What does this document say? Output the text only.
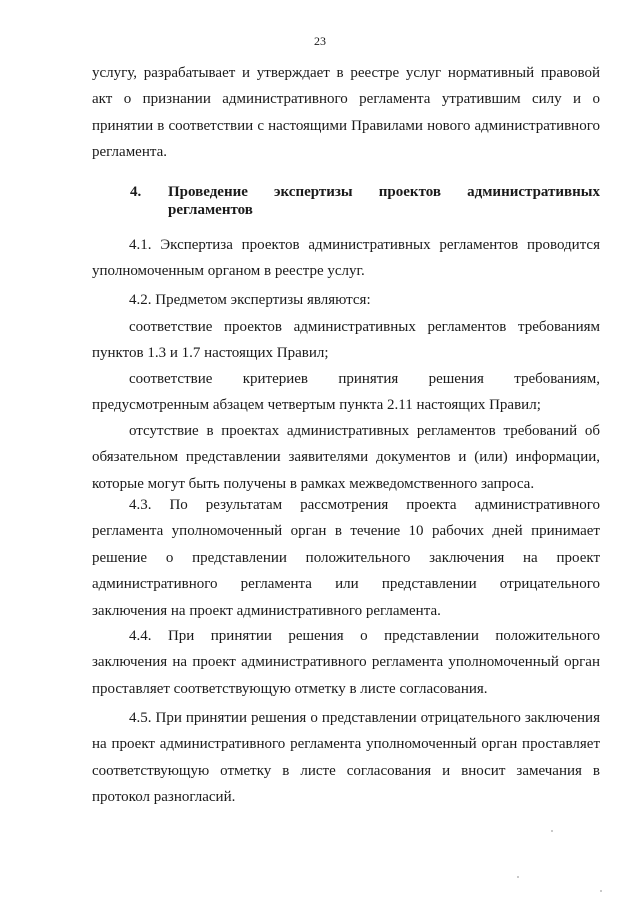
23
услугу, разрабатывает и утверждает в реестре услуг нормативный правовой
акт о признании административного регламента утратившим силу и о
принятии в соответствии с настоящими Правилами нового административного
регламента.
4. Проведение экспертизы проектов административных
регламентов
4.1. Экспертиза проектов административных регламентов проводится
уполномоченным органом в реестре услуг.
4.2. Предметом экспертизы являются:
соответствие проектов административных регламентов требованиям
пунктов 1.3 и 1.7 настоящих Правил;
соответствие критериев принятия решения требованиям,
предусмотренным абзацем четвертым пункта 2.11 настоящих Правил;
отсутствие в проектах административных регламентов требований об
обязательном представлении заявителями документов и (или) информации,
которые могут быть получены в рамках межведомственного запроса.
4.3. По результатам рассмотрения проекта административного
регламента уполномоченный орган в течение 10 рабочих дней принимает
решение о представлении положительного заключения на проект
административного регламента или представлении отрицательного
заключения на проект административного регламента.
4.4. При принятии решения о представлении положительного
заключения на проект административного регламента уполномоченный орган
проставляет соответствующую отметку в листе согласования.
4.5. При принятии решения о представлении отрицательного заключения
на проект административного регламента уполномоченный орган проставляет
соответствующую отметку в листе согласования и вносит замечания в
протокол разногласий.
